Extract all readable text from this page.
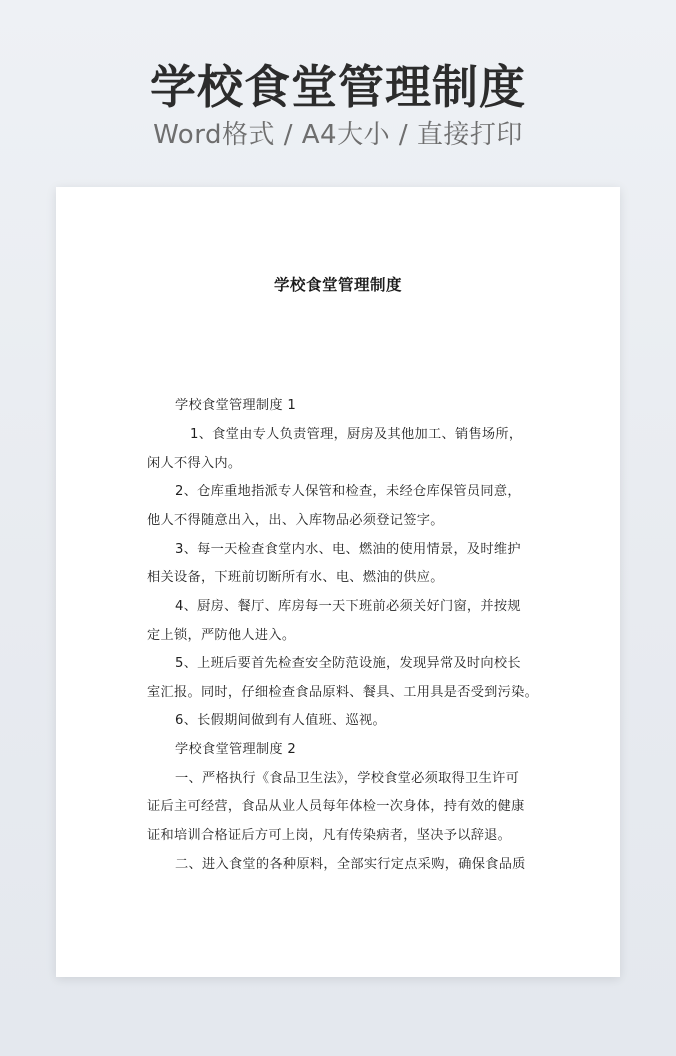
学校食堂管理制度
Word格式 / A4大小 / 直接打印
学校食堂管理制度
学校食堂管理制度 1
1、食堂由专人负责管理，厨房及其他加工、销售场所，
闲人不得入内。
2、仓库重地指派专人保管和检查，未经仓库保管员同意，
他人不得随意出入，出、入库物品必须登记签字。
3、每一天检查食堂内水、电、燃油的使用情景，及时维护
相关设备，下班前切断所有水、电、燃油的供应。
4、厨房、餐厅、库房每一天下班前必须关好门窗，并按规
定上锁，严防他人进入。
5、上班后要首先检查安全防范设施，发现异常及时向校长
室汇报。同时，仔细检查食品原料、餐具、工用具是否受到污染。
6、长假期间做到有人值班、巡视。
学校食堂管理制度 2
一、严格执行《食品卫生法》，学校食堂必须取得卫生许可
证后主可经营，食品从业人员每年体检一次身体，持有效的健康
证和培训合格证后方可上岗，凡有传染病者，坚决予以辞退。
二、进入食堂的各种原料，全部实行定点采购，确保食品质
